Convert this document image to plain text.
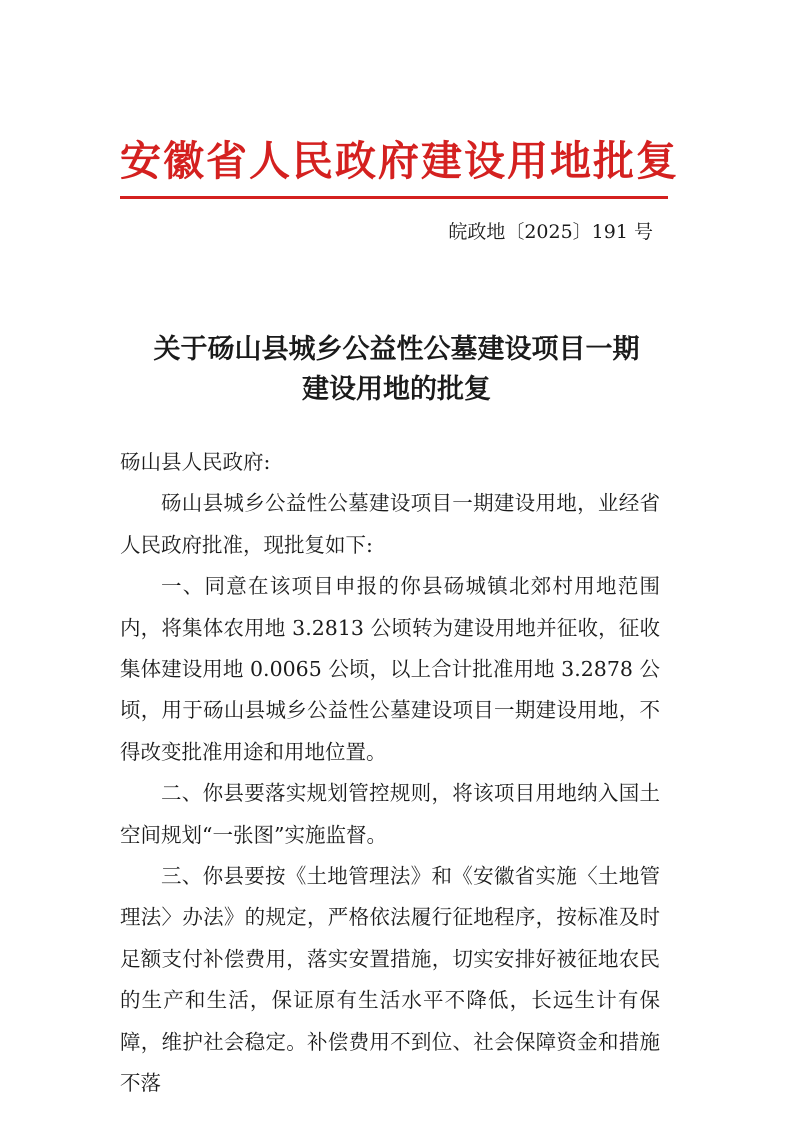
安徽省人民政府建设用地批复
皖政地〔2025〕191 号
关于砀山县城乡公益性公墓建设项目一期
建设用地的批复

砀山县人民政府:

砀山县城乡公益性公墓建设项目一期建设用地，业经省人民政府批准，现批复如下:

一、同意在该项目申报的你县砀城镇北郊村用地范围内，将集体农用地 3.2813 公顷转为建设用地并征收，征收集体建设用地 0.0065 公顷，以上合计批准用地 3.2878 公顷，用于砀山县城乡公益性公墓建设项目一期建设用地，不得改变批准用途和用地位置。

二、你县要落实规划管控规则，将该项目用地纳入国土空间规划“一张图”实施监督。

三、你县要按《土地管理法》和《安徽省实施〈土地管理法〉办法》的规定，严格依法履行征地程序，按标准及时足额支付补偿费用，落实安置措施，切实安排好被征地农民的生产和生活，保证原有生活水平不降低，长远生计有保障，维护社会稳定。补偿费用不到位、社会保障资金和措施不落
